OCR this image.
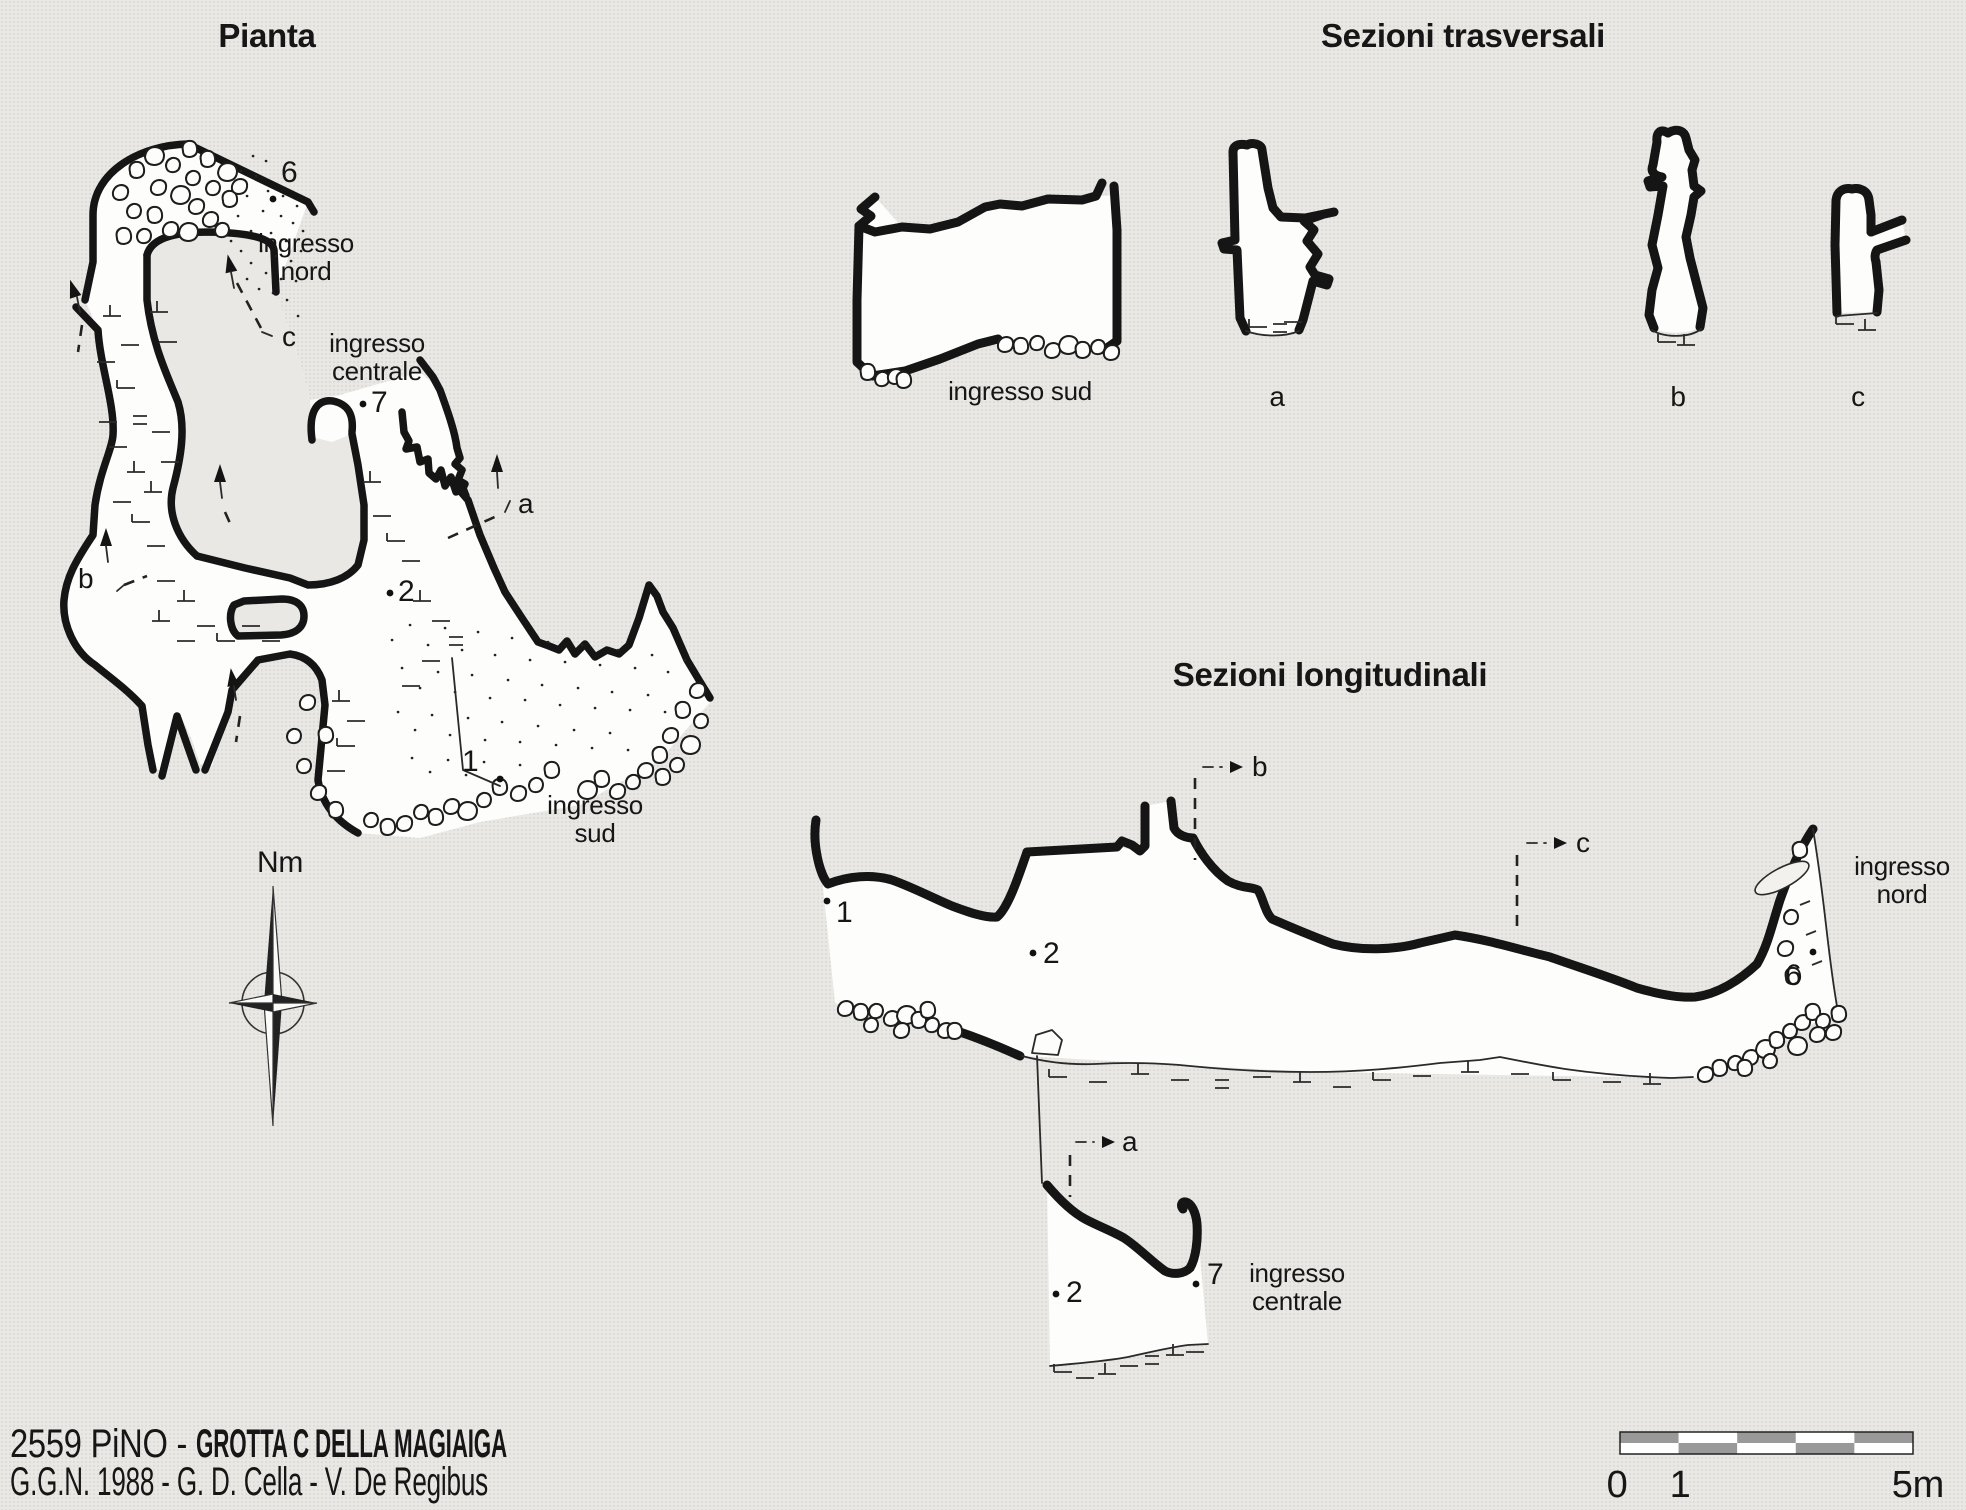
Pianta
6
7
2
1
c
b
a
ingresso
nord
ingresso
centrale
ingresso
sud
Nm
Sezioni trasversali
ingresso sud	a	b	c
Sezioni longitudinali
b
c
1
2
6
ingresso
nord
a
2
7 ingresso
centrale
2559 PiNO - GROTTA C DELLA MAGIAIGA
G.G.N. 1988 - G. D. Cella - V. De Regibus	0 1	5m
